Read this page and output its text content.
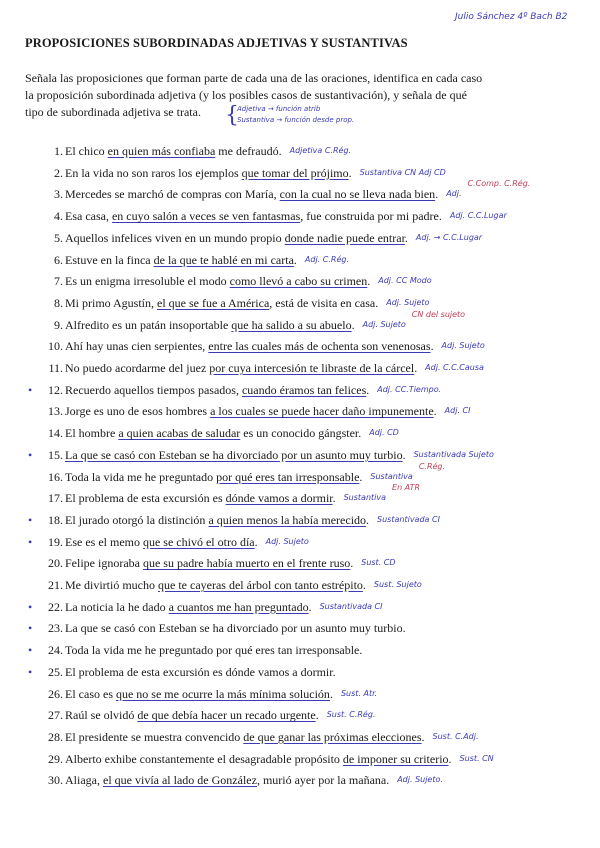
Julio Sánchez 4º Bach B2
PROPOSICIONES SUBORDINADAS ADJETIVAS Y SUSTANTIVAS
Señala las proposiciones que forman parte de cada una de las oraciones, identifica en cada caso
la proposición subordinada adjetiva (y los posibles casos de sustantivación), y señala de qué
tipo de subordinada adjetiva se trata. {
Adjetiva → función atrib
Sustantiva → función desde prop.
1. El chico en quien más confiaba me defraudó. Adjetiva C.Rég.
2. En la vida no son raros los ejemplos que tomar del prójimo. Sustantiva CN Adj CD
3. Mercedes se marchó de compras con María, con la cual no se lleva nada bien. Adj.
C.Comp. C.Rég.
4. Esa casa, en cuyo salón a veces se ven fantasmas, fue construida por mi padre. Adj. C.C.Lugar
5. Aquellos infelices viven en un mundo propio donde nadie puede entrar. Adj. → C.C.Lugar
6. Estuve en la finca de la que te hablé en mi carta. Adj. C.Rég.
7. Es un enigma irresoluble el modo como llevó a cabo su crimen. Adj. CC Modo
8. Mi primo Agustín, el que se fue a América, está de visita en casa. Adj. Sujeto
9. Alfredito es un patán insoportable que ha salido a su abuelo. Adj. Sujeto
CN del sujeto
10. Ahí hay unas cien serpientes, entre las cuales más de ochenta son venenosas. Adj. Sujeto
11. No puedo acordarme del juez por cuya intercesión te libraste de la cárcel. Adj. C.C.Causa
•	12. Recuerdo aquellos tiempos pasados, cuando éramos tan felices. Adj. CC.Tiempo.
13. Jorge es uno de esos hombres a los cuales se puede hacer daño impunemente. Adj. CI
14. El hombre a quien acabas de saludar es un conocido gángster. Adj. CD
•	15. La que se casó con Esteban se ha divorciado por un asunto muy turbio. Sustantivada Sujeto
16. Toda la vida me he preguntado por qué eres tan irresponsable. Sustantiva
C.Rég.
17. El problema de esta excursión es dónde vamos a dormir. Sustantiva
En ATR
•	18. El jurado otorgó la distinción a quien menos la había merecido. Sustantivada CI
•	19. Ese es el memo que se chivó el otro día. Adj. Sujeto
20. Felipe ignoraba que su padre había muerto en el frente ruso. Sust. CD
21. Me divirtió mucho que te cayeras del árbol con tanto estrépito. Sust. Sujeto
•	22. La noticia la he dado a cuantos me han preguntado. Sustantivada CI
•	23. La que se casó con Esteban se ha divorciado por un asunto muy turbio.
•	24. Toda la vida me he preguntado por qué eres tan irresponsable.
•	25. El problema de esta excursión es dónde vamos a dormir.
26. El caso es que no se me ocurre la más mínima solución. Sust. Atr.
27. Raúl se olvidó de que debía hacer un recado urgente. Sust. C.Rég.
28. El presidente se muestra convencido de que ganar las próximas elecciones. Sust. C.Adj.
29. Alberto exhibe constantemente el desagradable propósito de imponer su criterio. Sust. CN
30. Aliaga, el que vivía al lado de González, murió ayer por la mañana. Adj. Sujeto.
